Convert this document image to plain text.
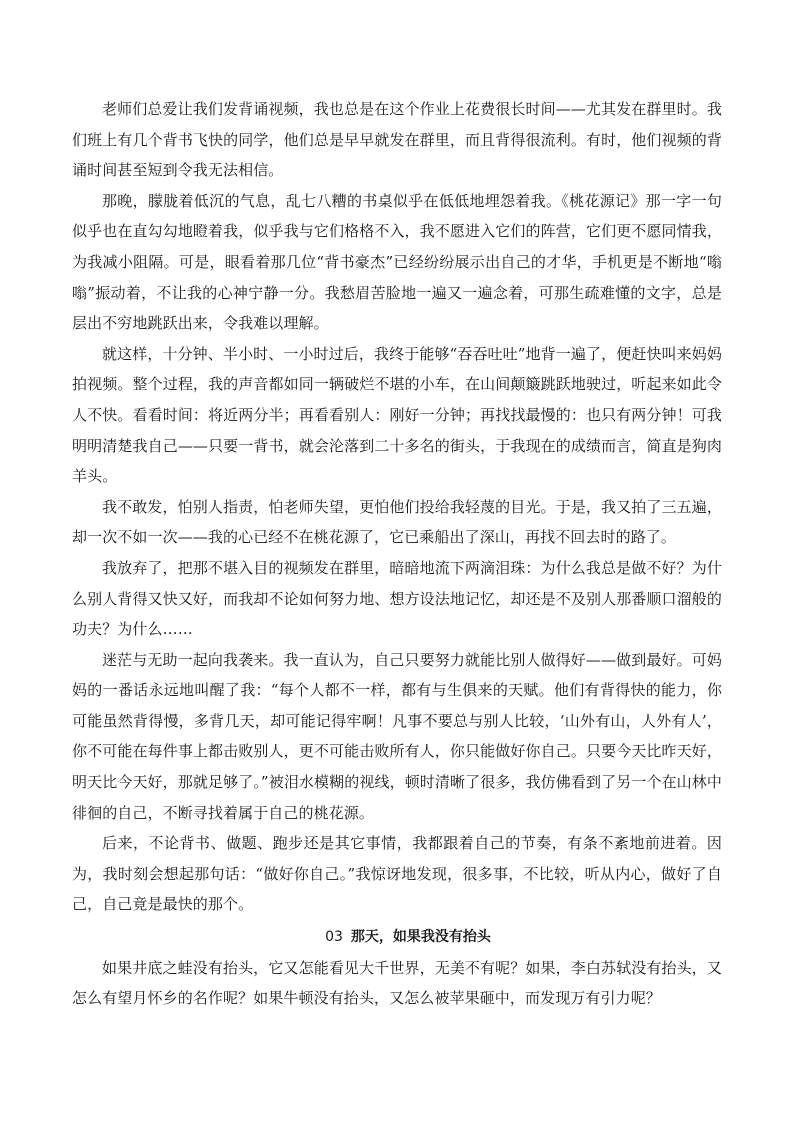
老师们总爱让我们发背诵视频，我也总是在这个作业上花费很长时间——尤其发在群里时。我们班上有几个背书飞快的同学，他们总是早早就发在群里，而且背得很流利。有时，他们视频的背诵时间甚至短到令我无法相信。

那晚，朦胧着低沉的气息，乱七八糟的书桌似乎在低低地埋怨着我。《桃花源记》那一字一句似乎也在直勾勾地瞪着我，似乎我与它们格格不入，我不愿进入它们的阵营，它们更不愿同情我，为我减小阻隔。可是，眼看着那几位“背书豪杰”已经纷纷展示出自己的才华，手机更是不断地“嗡嗡”振动着，不让我的心神宁静一分。我愁眉苦脸地一遍又一遍念着，可那生疏难懂的文字，总是层出不穷地跳跃出来，令我难以理解。

就这样，十分钟、半小时、一小时过后，我终于能够“吞吞吐吐”地背一遍了，便赶快叫来妈妈拍视频。整个过程，我的声音都如同一辆破烂不堪的小车，在山间颠簸跳跃地驶过，听起来如此令人不快。看看时间：将近两分半；再看看别人：刚好一分钟；再找找最慢的：也只有两分钟！可我明明清楚我自己——只要一背书，就会沦落到二十多名的街头，于我现在的成绩而言，简直是狗肉羊头。

我不敢发，怕别人指责，怕老师失望，更怕他们投给我轻蔑的目光。于是，我又拍了三五遍，却一次不如一次——我的心已经不在桃花源了，它已乘船出了深山，再找不回去时的路了。

我放弃了，把那不堪入目的视频发在群里，暗暗地流下两滴泪珠：为什么我总是做不好？为什么别人背得又快又好，而我却不论如何努力地、想方设法地记忆，却还是不及别人那番顺口溜般的功夫？为什么……

迷茫与无助一起向我袭来。我一直认为，自己只要努力就能比别人做得好——做到最好。可妈妈的一番话永远地叫醒了我：“每个人都不一样，都有与生俱来的天赋。他们有背得快的能力，你可能虽然背得慢，多背几天，却可能记得牢啊！凡事不要总与别人比较，‘山外有山，人外有人’，你不可能在每件事上都击败别人，更不可能击败所有人，你只能做好你自己。只要今天比昨天好，明天比今天好，那就足够了。”被泪水模糊的视线，顿时清晰了很多，我仿佛看到了另一个在山林中徘徊的自己，不断寻找着属于自己的桃花源。

后来，不论背书、做题、跑步还是其它事情，我都跟着自己的节奏，有条不紊地前进着。因为，我时刻会想起那句话：“做好你自己。”我惊讶地发现，很多事，不比较，听从内心，做好了自己，自己竟是最快的那个。

03 那天，如果我没有抬头

如果井底之蛙没有抬头，它又怎能看见大千世界，无美不有呢？如果，李白苏轼没有抬头，又怎么有望月怀乡的名作呢？如果牛顿没有抬头，又怎么被苹果砸中，而发现万有引力呢？
